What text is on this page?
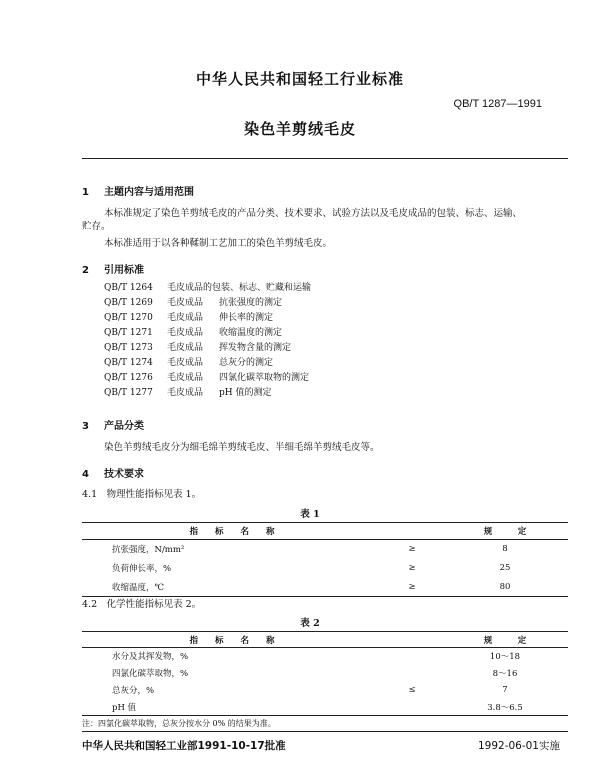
中华人民共和国轻工行业标准
QB/T 1287—1991
染色羊剪绒毛皮
1 主题内容与适用范围
本标准规定了染色羊剪绒毛皮的产品分类、技术要求、试验方法以及毛皮成品的包装、标志、运输、
贮存。
本标准适用于以各种鞣制工艺加工的染色羊剪绒毛皮。
2 引用标准
QB/T 1264 毛皮成品的包装、标志、贮藏和运输
QB/T 1269 毛皮成品 抗张强度的测定
QB/T 1270 毛皮成品 伸长率的测定
QB/T 1271 毛皮成品 收缩温度的测定
QB/T 1273 毛皮成品 挥发物含量的测定
QB/T 1274 毛皮成品 总灰分的测定
QB/T 1276 毛皮成品 四氯化碳萃取物的测定
QB/T 1277 毛皮成品 pH 值的测定
3 产品分类
染色羊剪绒毛皮分为细毛绵羊剪绒毛皮、半细毛绵羊剪绒毛皮等。
4 技术要求
4.1　物理性能指标见表 1。
表 1
指　　标　　名　　称		规　　　定
抗张强度，N/mm²	≥	8
负荷伸长率，%	≥	25
收缩温度，℃	≥	80
4.2　化学性能指标见表 2。
表 2
指　　标　　名　　称		规　　　定
水分及其挥发物，%		10～18
四氯化碳萃取物，%		8～16
总灰分，%	≤	7
pH 值		3.8～6.5
注：四氯化碳萃取物，总灰分按水分 0% 的结果为准。
中华人民共和国轻工业部1991-10-17批准	1992-06-01实施
